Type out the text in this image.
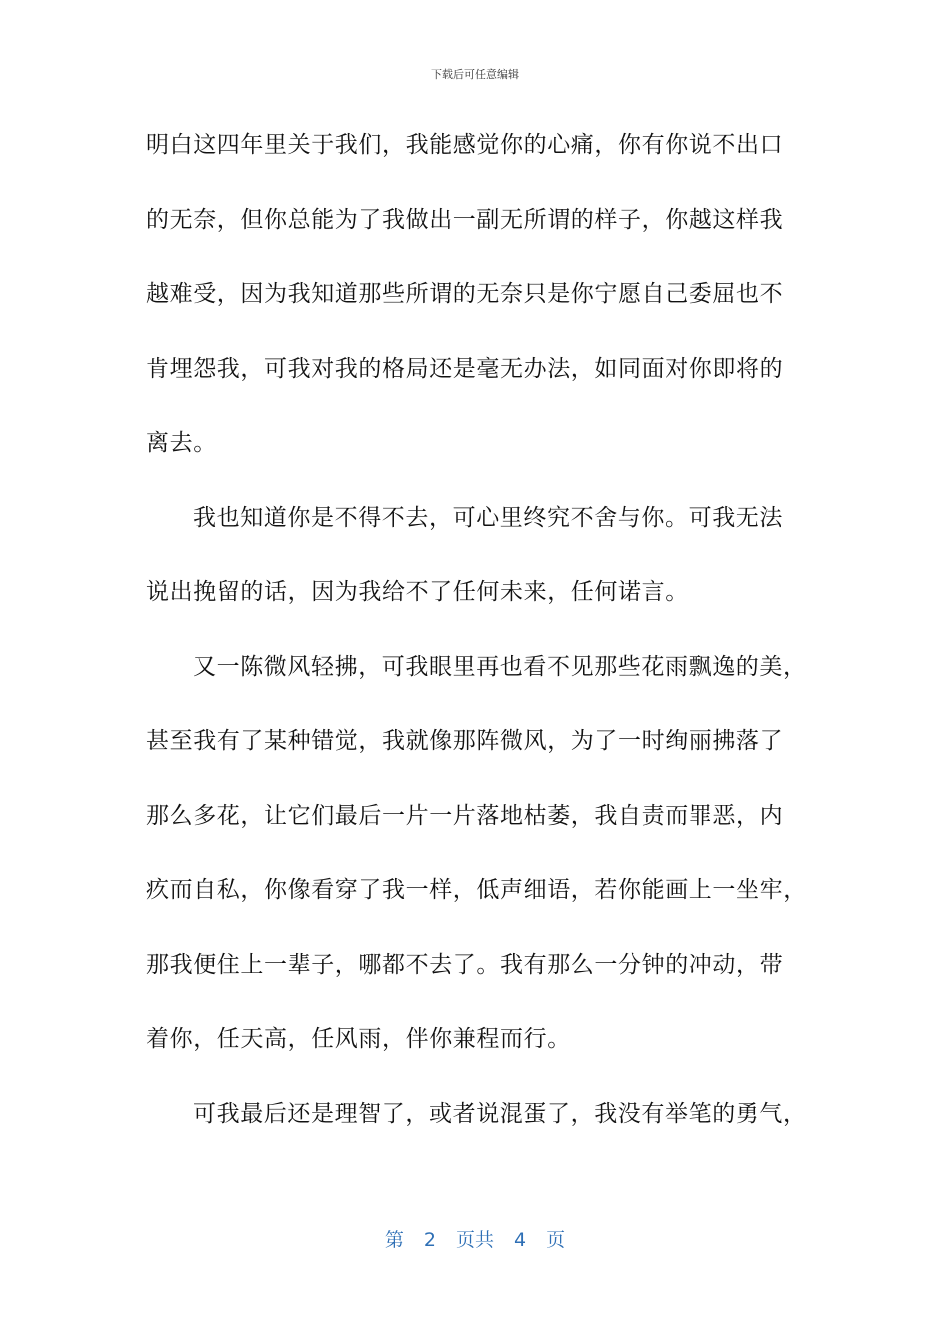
下载后可任意编辑
明白这四年里关于我们，我能感觉你的心痛，你有你说不出口
的无奈，但你总能为了我做出一副无所谓的样子，你越这样我
越难受，因为我知道那些所谓的无奈只是你宁愿自己委屈也不
肯埋怨我，可我对我的格局还是毫无办法，如同面对你即将的
离去。
我也知道你是不得不去，可心里终究不舍与你。可我无法
说出挽留的话，因为我给不了任何未来，任何诺言。
又一陈微风轻拂，可我眼里再也看不见那些花雨飘逸的美，
甚至我有了某种错觉，我就像那阵微风，为了一时绚丽拂落了
那么多花，让它们最后一片一片落地枯萎，我自责而罪恶，内
疚而自私，你像看穿了我一样，低声细语，若你能画上一坐牢，
那我便住上一辈子，哪都不去了。我有那么一分钟的冲动，带
着你，任天高，任风雨，伴你兼程而行。
可我最后还是理智了，或者说混蛋了，我没有举笔的勇气，
第 2 页共 4 页
